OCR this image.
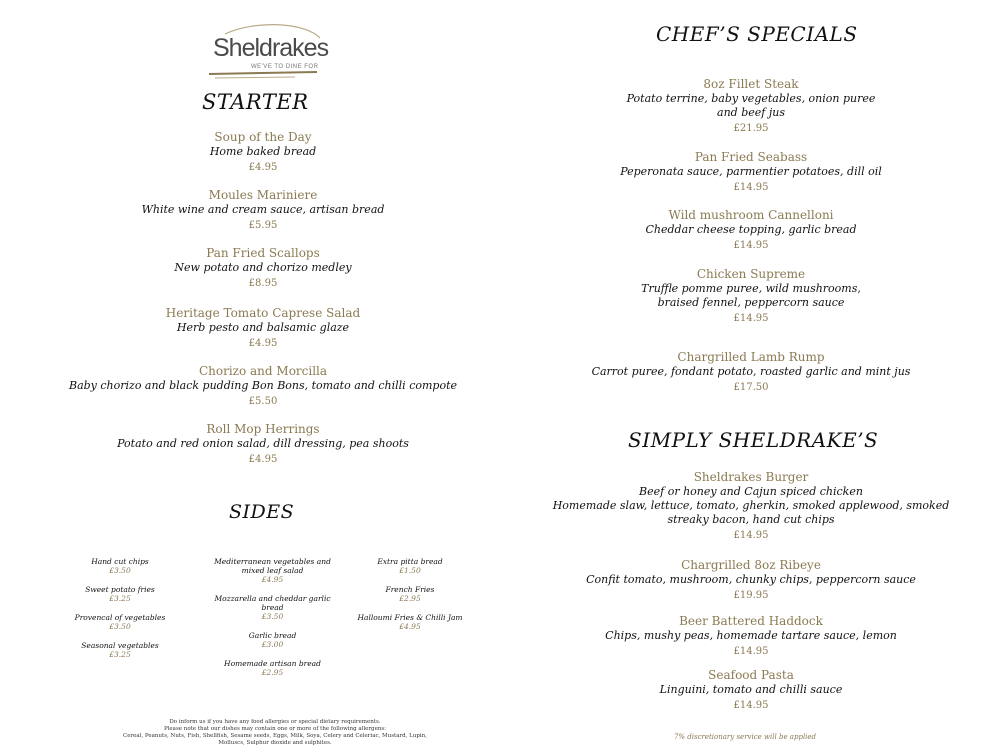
Sheldrakes
WE'VE TO DINE FOR
STARTER
Soup of the Day
Home baked bread
£4.95
Moules Mariniere
White wine and cream sauce, artisan bread
£5.95
Pan Fried Scallops
New potato and chorizo medley
£8.95
Heritage Tomato Caprese Salad
Herb pesto and balsamic glaze
£4.95
Chorizo and Morcilla
Baby chorizo and black pudding Bon Bons, tomato and chilli compote
£5.50
Roll Mop Herrings
Potato and red onion salad, dill dressing, pea shoots
£4.95
SIDES
Hand cut chips
£3.50
Sweet potato fries
£3.25
Provencal of vegetables
£3.50
Seasonal vegetables
£3.25
Mediterranean vegetables and mixed leaf salad
£4.95
Mozzarella and cheddar garlic bread
£3.50
Garlic bread
£3.00
Homemade artisan bread
£2.95
Extra pitta bread
£1.50
French Fries
£2.95
Halloumi Fries & Chilli Jam
£4.95
Do inform us if you have any food allergies or special dietary requirements.
Please note that our dishes may contain one or more of the following allergens:
Cereal, Peanuts, Nuts, Fish, Shellfish, Sesame seeds, Eggs, Milk, Soya, Celery and Celeriac, Mustard, Lupin,
Molluscs, Sulphur dioxide and sulphites.
CHEF’S SPECIALS
8oz Fillet Steak
Potato terrine, baby vegetables, onion puree
and beef jus
£21.95
Pan Fried Seabass
Peperonata sauce, parmentier potatoes, dill oil
£14.95
Wild mushroom Cannelloni
Cheddar cheese topping, garlic bread
£14.95
Chicken Supreme
Truffle pomme puree, wild mushrooms,
braised fennel, peppercorn sauce
£14.95
Chargrilled Lamb Rump
Carrot puree, fondant potato, roasted garlic and mint jus
£17.50
SIMPLY SHELDRAKE’S
Sheldrakes Burger
Beef or honey and Cajun spiced chicken
Homemade slaw, lettuce, tomato, gherkin, smoked applewood, smoked
streaky bacon, hand cut chips
£14.95
Chargrilled 8oz Ribeye
Confit tomato, mushroom, chunky chips, peppercorn sauce
£19.95
Beer Battered Haddock
Chips, mushy peas, homemade tartare sauce, lemon
£14.95
Seafood Pasta
Linguini, tomato and chilli sauce
£14.95
7% discretionary service will be applied
